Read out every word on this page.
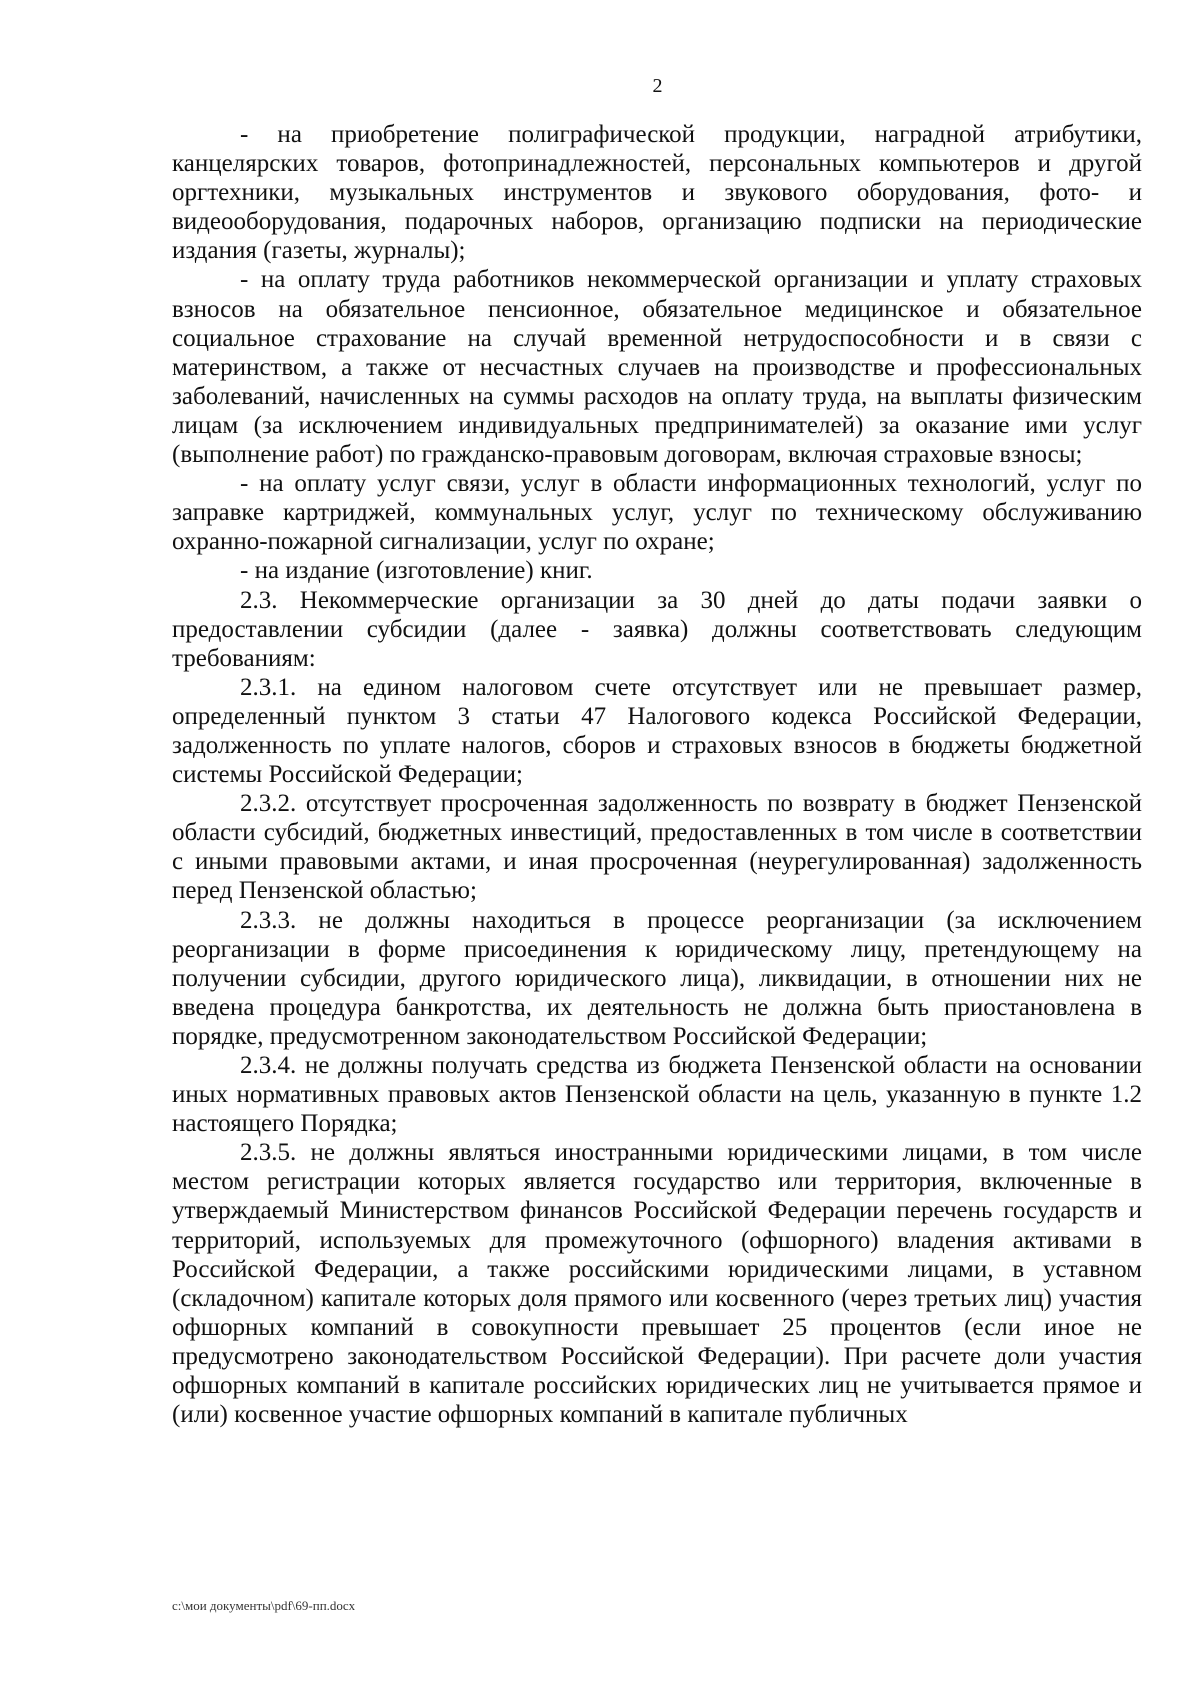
2

- на приобретение полиграфической продукции, наградной атрибутики, канцелярских товаров, фотопринадлежностей, персональных компьютеров и другой оргтехники, музыкальных инструментов и звукового оборудования, фото- и видеооборудования, подарочных наборов, организацию подписки на периодические издания (газеты, журналы);

- на оплату труда работников некоммерческой организации и уплату страховых взносов на обязательное пенсионное, обязательное медицинское и обязательное социальное страхование на случай временной нетрудоспособности и в связи с материнством, а также от несчастных случаев на производстве и профессиональных заболеваний, начисленных на суммы расходов на оплату труда, на выплаты физическим лицам (за исключением индивидуальных предпринимателей) за оказание ими услуг (выполнение работ) по гражданско-правовым договорам, включая страховые взносы;

- на оплату услуг связи, услуг в области информационных технологий, услуг по заправке картриджей, коммунальных услуг, услуг по техническому обслуживанию охранно-пожарной сигнализации, услуг по охране;

- на издание (изготовление) книг.

2.3. Некоммерческие организации за 30 дней до даты подачи заявки о предоставлении субсидии (далее - заявка) должны соответствовать следующим требованиям:

2.3.1. на едином налоговом счете отсутствует или не превышает размер, определенный пунктом 3 статьи 47 Налогового кодекса Российской Федерации, задолженность по уплате налогов, сборов и страховых взносов в бюджеты бюджетной системы Российской Федерации;

2.3.2. отсутствует просроченная задолженность по возврату в бюджет Пензенской области субсидий, бюджетных инвестиций, предоставленных в том числе в соответствии с иными правовыми актами, и иная просроченная (неурегулированная) задолженность перед Пензенской областью;

2.3.3. не должны находиться в процессе реорганизации (за исключением реорганизации в форме присоединения к юридическому лицу, претендующему на получении субсидии, другого юридического лица), ликвидации, в отношении них не введена процедура банкротства, их деятельность не должна быть приостановлена в порядке, предусмотренном законодательством Российской Федерации;

2.3.4. не должны получать средства из бюджета Пензенской области на основании иных нормативных правовых актов Пензенской области на цель, указанную в пункте 1.2 настоящего Порядка;

2.3.5. не должны являться иностранными юридическими лицами, в том числе местом регистрации которых является государство или территория, включенные в утверждаемый Министерством финансов Российской Федерации перечень государств и территорий, используемых для промежуточного (офшорного) владения активами в Российской Федерации, а также российскими юридическими лицами, в уставном (складочном) капитале которых доля прямого или косвенного (через третьих лиц) участия офшорных компаний в совокупности превышает 25 процентов (если иное не предусмотрено законодательством Российской Федерации). При расчете доли участия офшорных компаний в капитале российских юридических лиц не учитывается прямое и (или) косвенное участие офшорных компаний в капитале публичных

c:\мои документы\pdf\69-пп.docx
